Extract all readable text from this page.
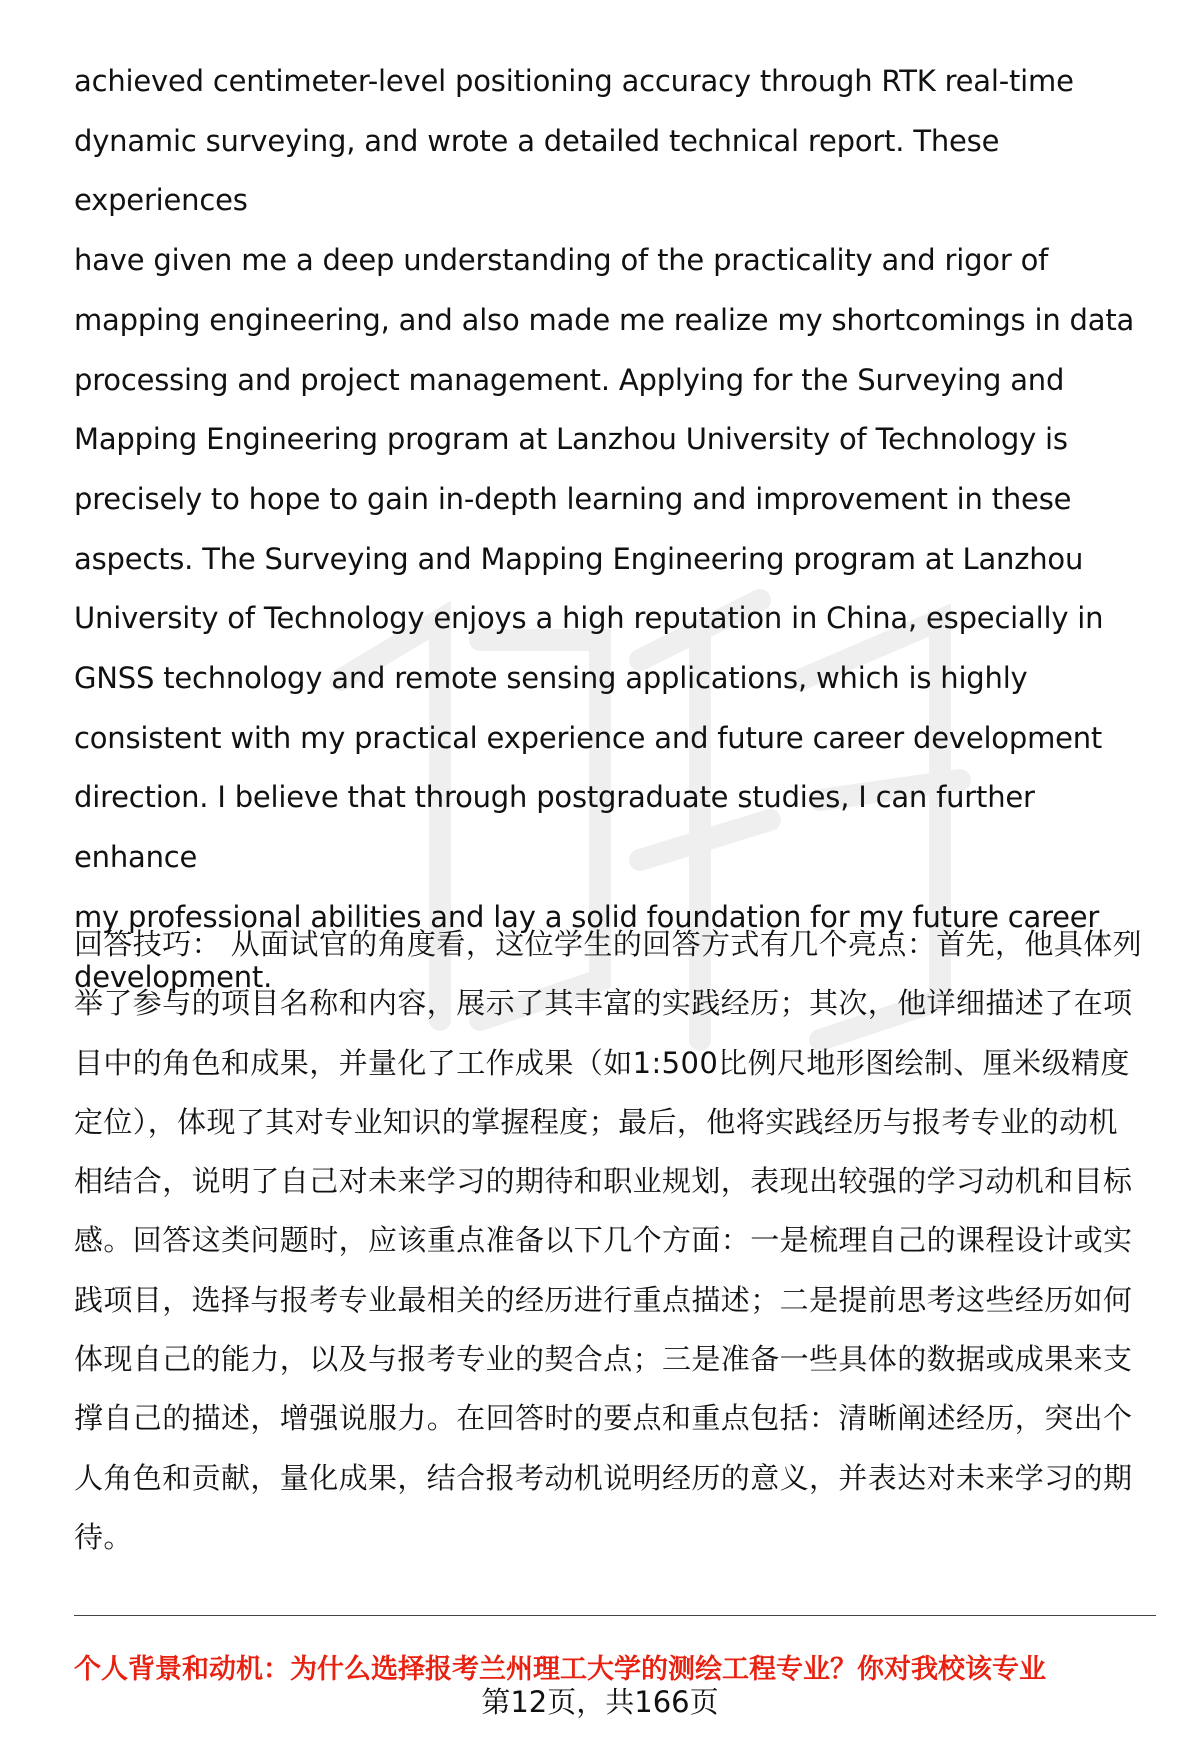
achieved centimeter-level positioning accuracy through RTK real-time
dynamic surveying, and wrote a detailed technical report. These experiences
have given me a deep understanding of the practicality and rigor of
mapping engineering, and also made me realize my shortcomings in data
processing and project management. Applying for the Surveying and
Mapping Engineering program at Lanzhou University of Technology is
precisely to hope to gain in-depth learning and improvement in these
aspects. The Surveying and Mapping Engineering program at Lanzhou
University of Technology enjoys a high reputation in China, especially in
GNSS technology and remote sensing applications, which is highly
consistent with my practical experience and future career development
direction. I believe that through postgraduate studies, I can further enhance
my professional abilities and lay a solid foundation for my future career
development.
回答技巧： 从面试官的角度看，这位学生的回答方式有几个亮点：首先，他具体列
举了参与的项目名称和内容，展示了其丰富的实践经历；其次，他详细描述了在项
目中的角色和成果，并量化了工作成果（如1:500比例尺地形图绘制、厘米级精度
定位），体现了其对专业知识的掌握程度；最后，他将实践经历与报考专业的动机
相结合，说明了自己对未来学习的期待和职业规划，表现出较强的学习动机和目标
感。回答这类问题时，应该重点准备以下几个方面：一是梳理自己的课程设计或实
践项目，选择与报考专业最相关的经历进行重点描述；二是提前思考这些经历如何
体现自己的能力，以及与报考专业的契合点；三是准备一些具体的数据或成果来支
撑自己的描述，增强说服力。在回答时的要点和重点包括：清晰阐述经历，突出个
人角色和贡献，量化成果，结合报考动机说明经历的意义，并表达对未来学习的期
待。
个人背景和动机：为什么选择报考兰州理工大学的测绘工程专业？你对我校该专业
第12页，共166页
